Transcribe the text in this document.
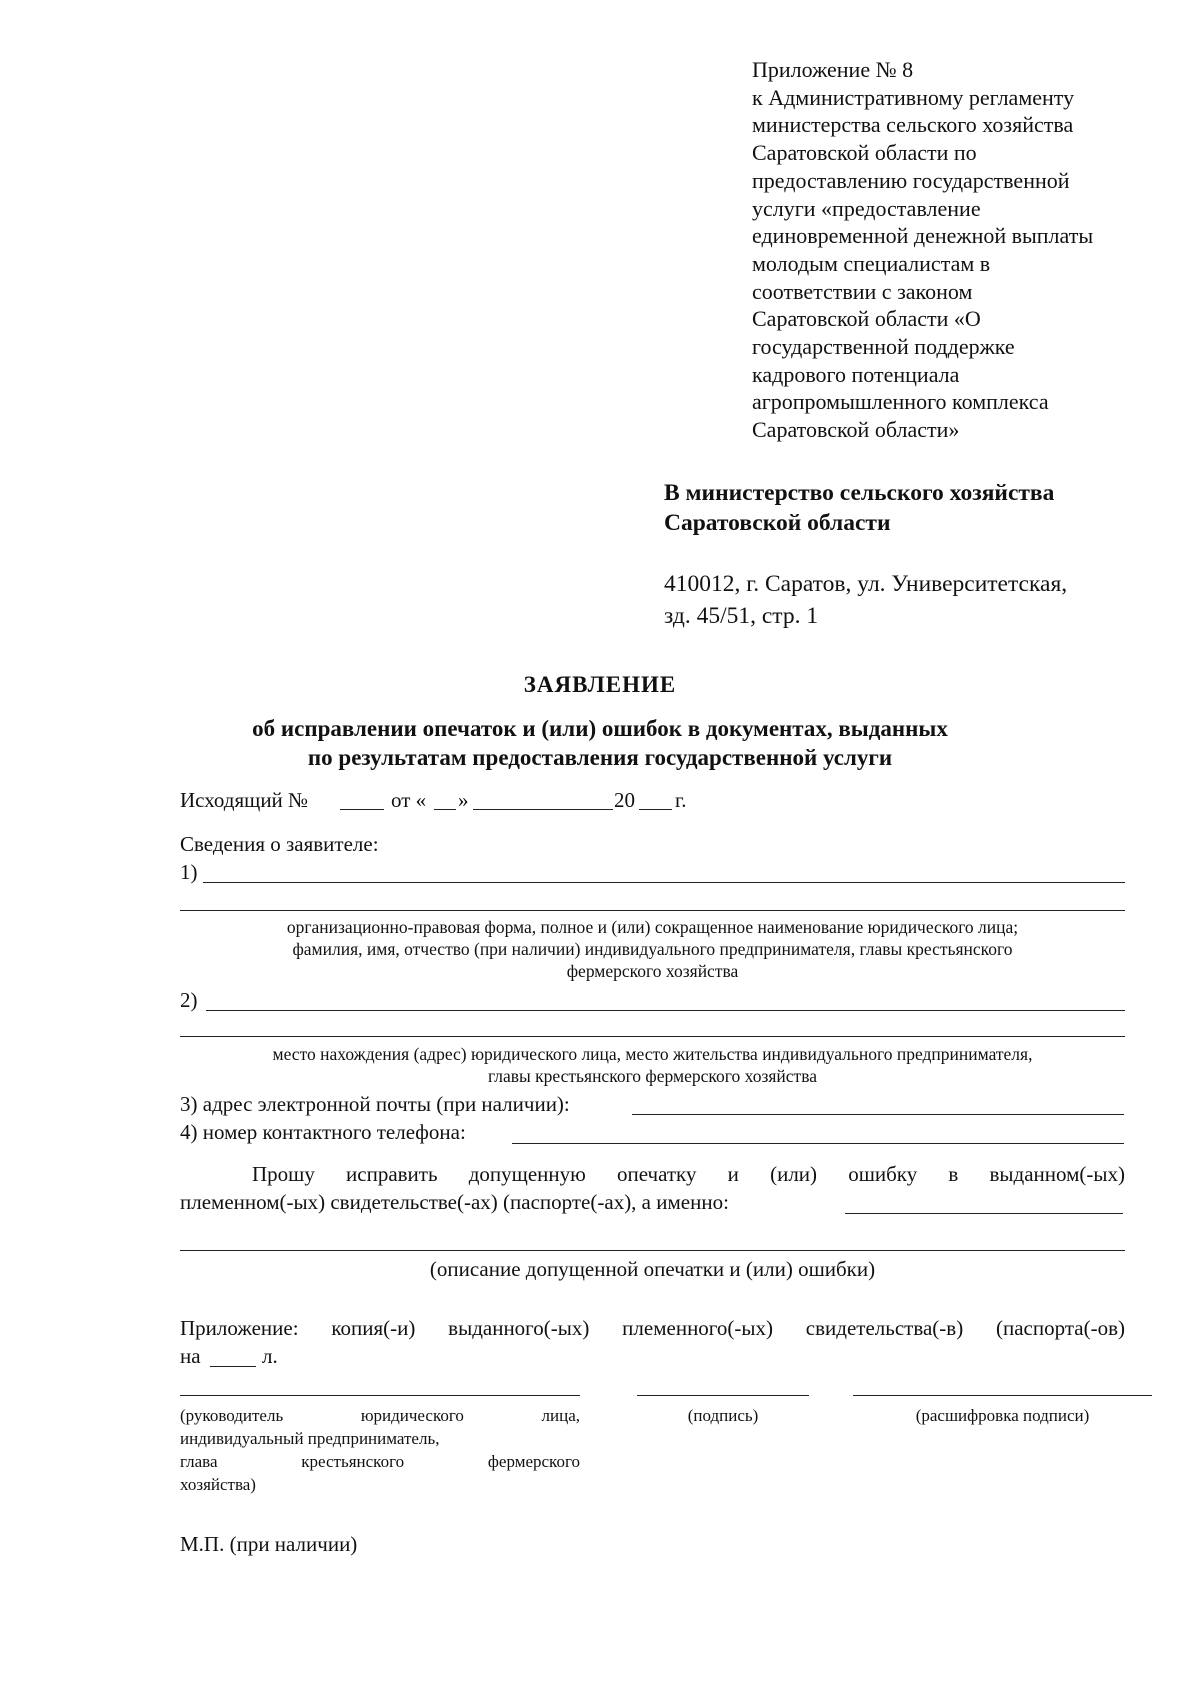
Приложение № 8
к Административному регламенту
министерства сельского хозяйства
Саратовской области по
предоставлению государственной
услуги «предоставление
единовременной денежной выплаты
молодым специалистам в
соответствии с законом
Саратовской области «О
государственной поддержке
кадрового потенциала
агропромышленного комплекса
Саратовской области»
В министерство сельского хозяйства
Саратовской области
410012, г. Саратов, ул. Университетская,
зд. 45/51, стр. 1
ЗАЯВЛЕНИЕ
об исправлении опечаток и (или) ошибок в документах, выданных
по результатам предоставления государственной услуги
Исходящий №	от « »	20 г.
Сведения о заявителе:
1)
организационно-правовая форма, полное и (или) сокращенное наименование юридического лица;
фамилия, имя, отчество (при наличии) индивидуального предпринимателя, главы крестьянского
фермерского хозяйства
2)
место нахождения (адрес) юридического лица, место жительства индивидуального предпринимателя,
главы крестьянского фермерского хозяйства
3) адрес электронной почты (при наличии):
4) номер контактного телефона:
Прошу исправить допущенную опечатку и (или) ошибку в выданном(-ых)
племенном(-ых) свидетельстве(-ах) (паспорте(-ах), а именно:
(описание допущенной опечатки и (или) ошибки)
Приложение: копия(-и) выданного(-ых) племенного(-ых) свидетельства(-в) (паспорта(-ов)
на	л.
(руководитель юридического лица,
индивидуальный предприниматель,
глава крестьянского фермерского
хозяйства)
(подпись)	(расшифровка подписи)
М.П. (при наличии)
